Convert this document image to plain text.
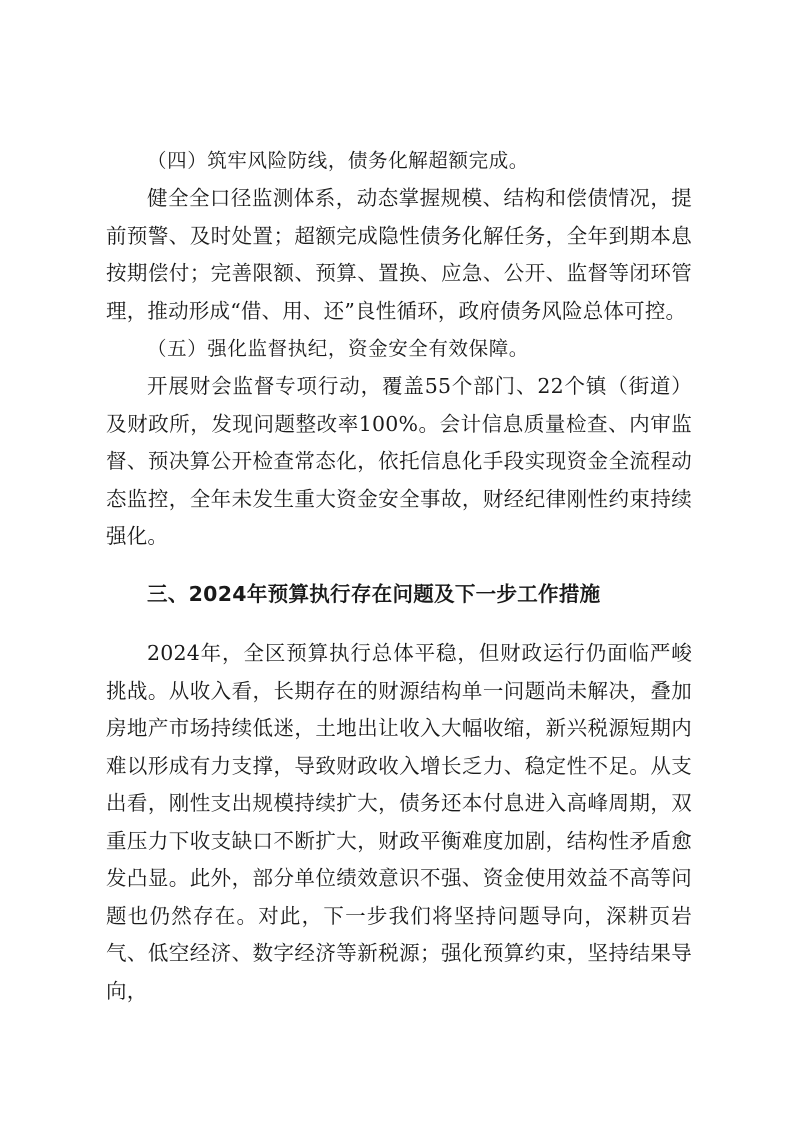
（四）筑牢风险防线，债务化解超额完成。

健全全口径监测体系，动态掌握规模、结构和偿债情况，提前预警、及时处置；超额完成隐性债务化解任务，全年到期本息按期偿付；完善限额、预算、置换、应急、公开、监督等闭环管理，推动形成“借、用、还”良性循环，政府债务风险总体可控。

（五）强化监督执纪，资金安全有效保障。

开展财会监督专项行动，覆盖55个部门、22个镇（街道）及财政所，发现问题整改率100%。会计信息质量检查、内审监督、预决算公开检查常态化，依托信息化手段实现资金全流程动态监控，全年未发生重大资金安全事故，财经纪律刚性约束持续强化。

三、2024年预算执行存在问题及下一步工作措施

2024年，全区预算执行总体平稳，但财政运行仍面临严峻挑战。从收入看，长期存在的财源结构单一问题尚未解决，叠加房地产市场持续低迷，土地出让收入大幅收缩，新兴税源短期内难以形成有力支撑，导致财政收入增长乏力、稳定性不足。从支出看，刚性支出规模持续扩大，债务还本付息进入高峰周期，双重压力下收支缺口不断扩大，财政平衡难度加剧，结构性矛盾愈发凸显。此外，部分单位绩效意识不强、资金使用效益不高等问题也仍然存在。对此，下一步我们将坚持问题导向，深耕页岩气、低空经济、数字经济等新税源；强化预算约束，坚持结果导向，
